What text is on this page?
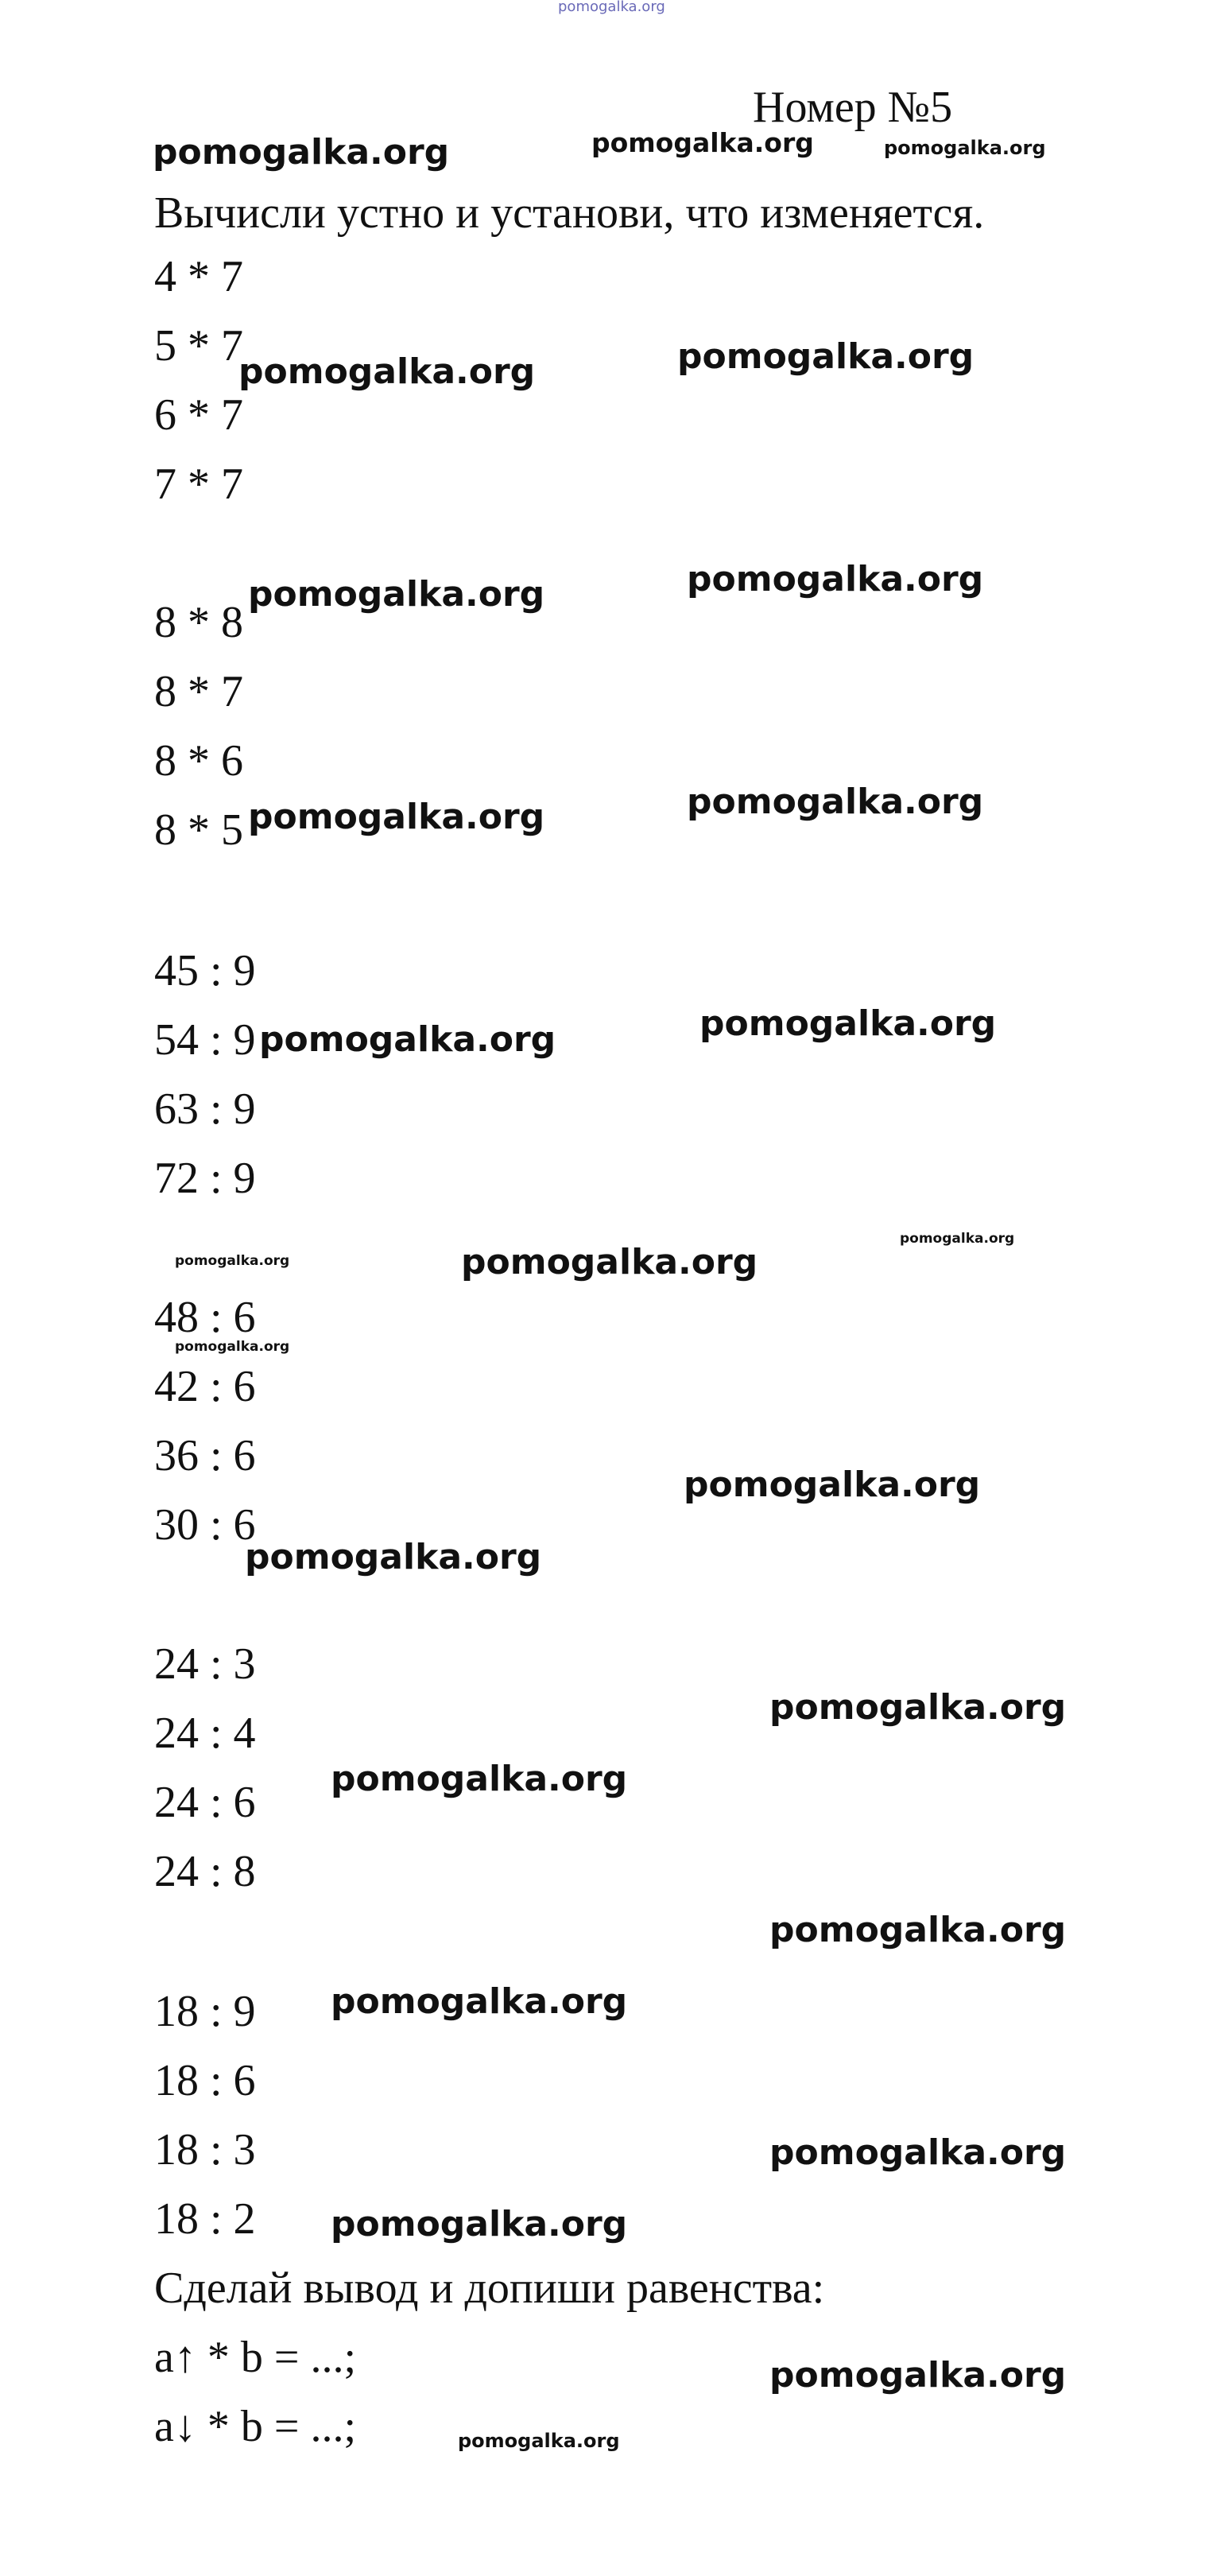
pomogalka.org
Номер №5
pomogalka.org	pomogalka.org	pomogalka.org
Вычисли устно и установи, что изменяется.
4 * 7
5 * 7
6 * 7
7 * 7
pomogalka.org	pomogalka.org
8 * 8
8 * 7
8 * 6
8 * 5
pomogalka.org	pomogalka.org
pomogalka.org	pomogalka.org
45 : 9
54 : 9
63 : 9
72 : 9
pomogalka.org	pomogalka.org
pomogalka.org	pomogalka.org
pomogalka.org
pomogalka.org
48 : 6
42 : 6
36 : 6
30 : 6
pomogalka.org
pomogalka.org
24 : 3
24 : 4
24 : 6
24 : 8
pomogalka.org
pomogalka.org
pomogalka.org
18 : 9
18 : 6
18 : 3
18 : 2
pomogalka.org
pomogalka.org
pomogalka.org
Сделай вывод и допиши равенства:
a↑ * b = ...;
a↓ * b = ...;
pomogalka.org
pomogalka.org
